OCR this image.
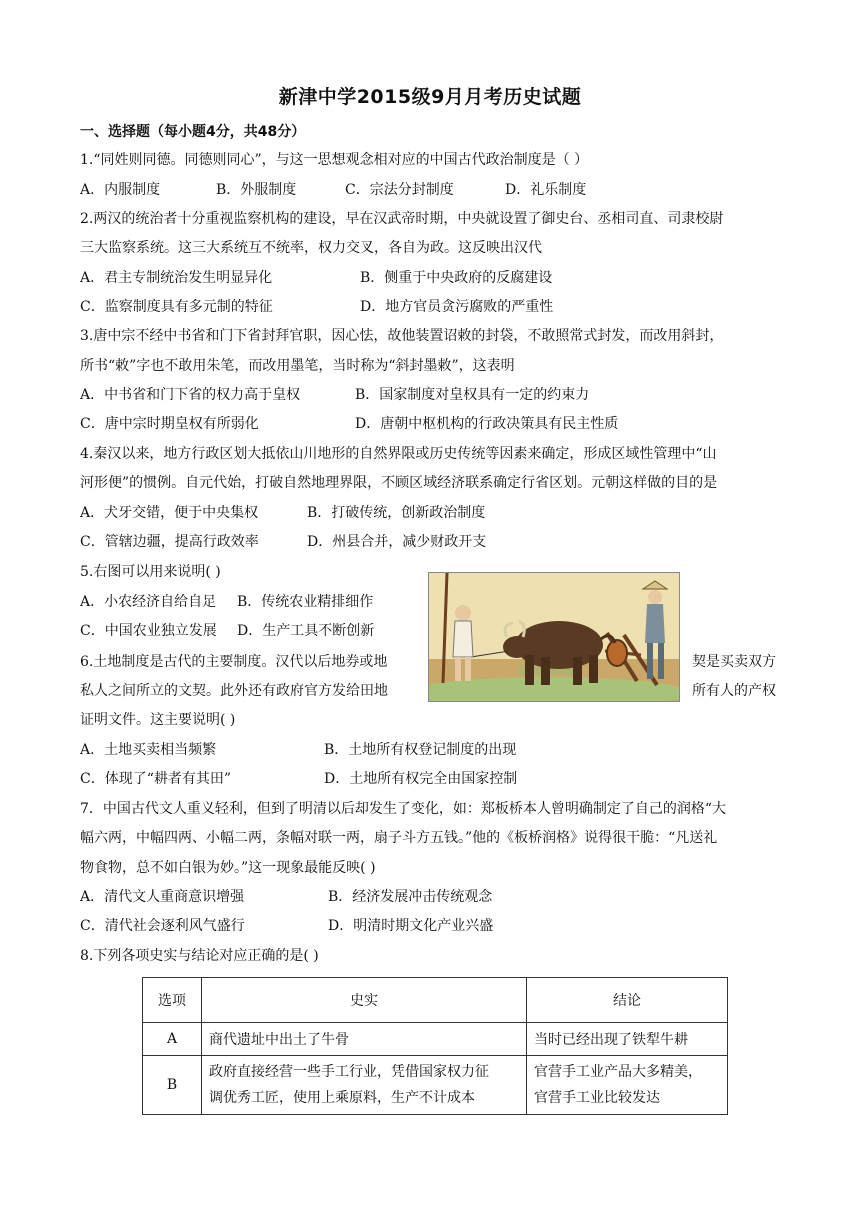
新津中学2015级9月月考历史试题
一、选择题（每小题4分，共48分）
1.“同姓则同德。同德则同心”，与这一思想观念相对应的中国古代政治制度是（ ）
A．内服制度	B．外服制度	C．宗法分封制度	D．礼乐制度
2.两汉的统治者十分重视监察机构的建设，早在汉武帝时期，中央就设置了御史台、丞相司直、司隶校尉
三大监察系统。这三大系统互不统率，权力交叉，各自为政。这反映出汉代
A．君主专制统治发生明显异化	B．侧重于中央政府的反腐建设
C．监察制度具有多元制的特征	D．地方官员贪污腐败的严重性
3.唐中宗不经中书省和门下省封拜官职，因心怯，故他装置诏敕的封袋，不敢照常式封发，而改用斜封，
所书“敕”字也不敢用朱笔，而改用墨笔，当时称为“斜封墨敕”，这表明
A．中书省和门下省的权力高于皇权	B．国家制度对皇权具有一定的约束力
C．唐中宗时期皇权有所弱化	D．唐朝中枢机构的行政决策具有民主性质
4.秦汉以来，地方行政区划大抵依山川地形的自然界限或历史传统等因素来确定，形成区域性管理中“山
河形便”的惯例。自元代始，打破自然地理界限，不顾区域经济联系确定行省区划。元朝这样做的目的是
A．犬牙交错，便于中央集权	B．打破传统，创新政治制度
C．管辖边疆，提高行政效率	D．州县合并，减少财政开支
5.右图可以用来说明( )
A．小农经济自给自足 B．传统农业精排细作
C．中国农业独立发展 D．生产工具不断创新
6.土地制度是古代的主要制度。汉代以后地券或地	契是买卖双方
私人之间所立的文契。此外还有政府官方发给田地	所有人的产权
证明文件。这主要说明( )
A．土地买卖相当频繁	B．土地所有权登记制度的出现
C．体现了“耕者有其田”	D．土地所有权完全由国家控制
7．中国古代文人重义轻利，但到了明清以后却发生了变化，如：郑板桥本人曾明确制定了自己的润格“大
幅六两，中幅四两、小幅二两，条幅对联一两，扇子斗方五钱。”他的《板桥润格》说得很干脆：“凡送礼
物食物，总不如白银为妙。”这一现象最能反映( )
A．清代文人重商意识增强	B．经济发展冲击传统观念
C．清代社会逐利风气盛行	D．明清时期文化产业兴盛
8.下列各项史实与结论对应正确的是( )
选项	史实	结论
A	商代遗址中出土了牛骨	当时已经出现了铁犁牛耕
B	政府直接经营一些手工行业，凭借国家权力征
调优秀工匠，使用上乘原料，生产不计成本	官营手工业产品大多精美，
官营手工业比较发达
